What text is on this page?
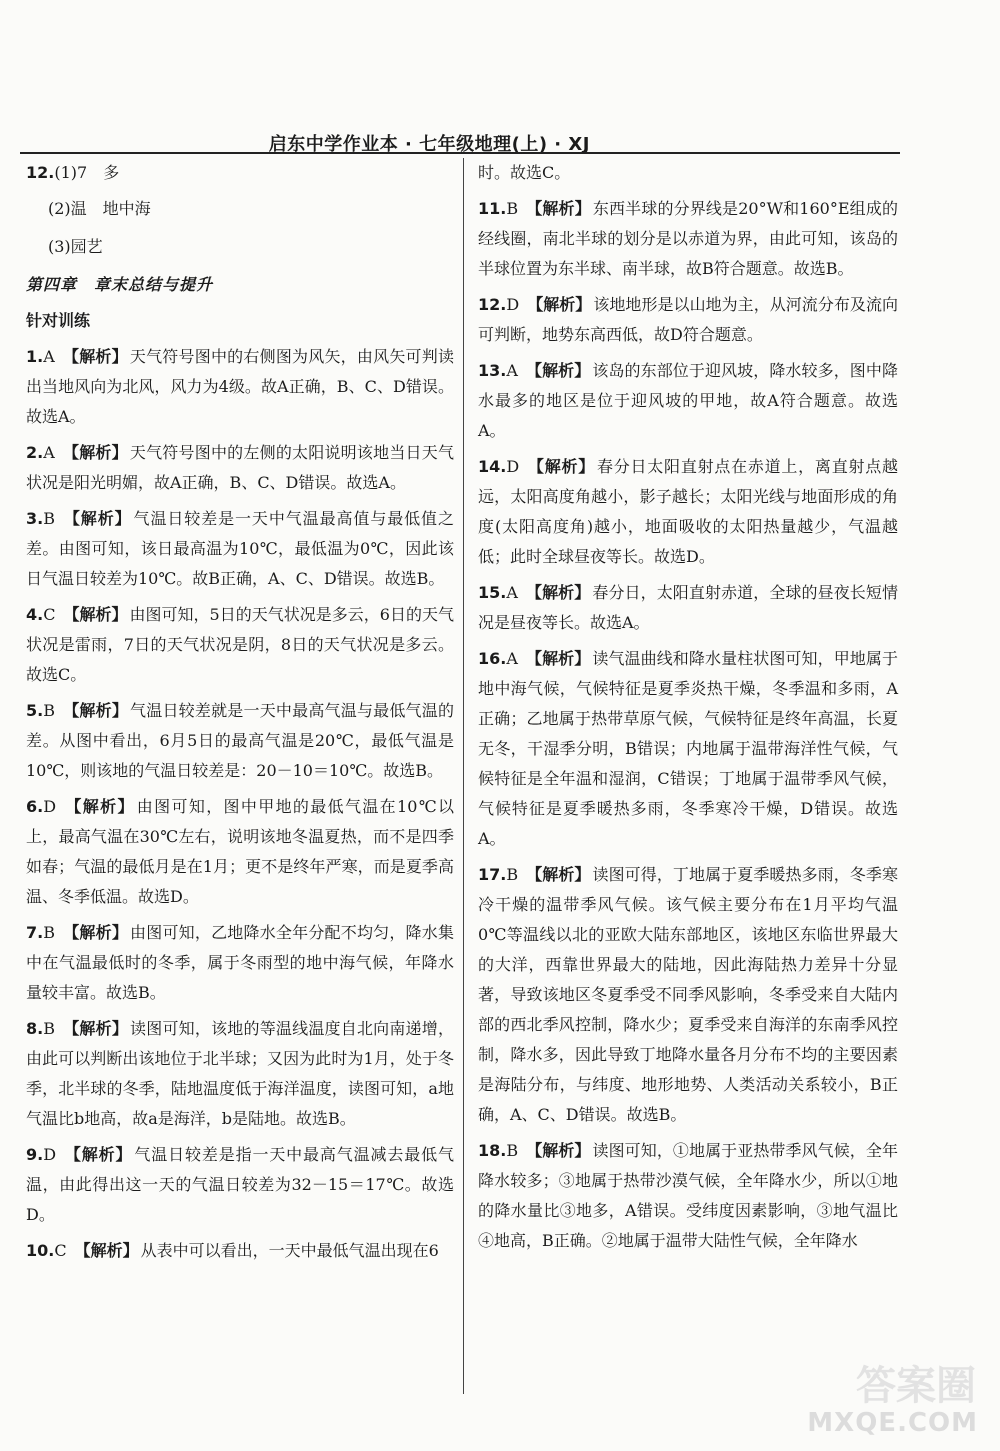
启东中学作业本 · 七年级地理(上) · XJ
12.(1)7　多
(2)温　地中海
(3)园艺
第四章　章末总结与提升
针对训练
1.A 【解析】 天气符号图中的右侧图为风矢，由风矢可判读出当地风向为北风，风力为4级。故A正确，B、C、D错误。故选A。
2.A 【解析】 天气符号图中的左侧的太阳说明该地当日天气状况是阳光明媚，故A正确，B、C、D错误。故选A。
3.B 【解析】 气温日较差是一天中气温最高值与最低值之差。由图可知，该日最高温为10℃，最低温为0℃，因此该日气温日较差为10℃。故B正确，A、C、D错误。故选B。
4.C 【解析】 由图可知，5日的天气状况是多云，6日的天气状况是雷雨，7日的天气状况是阴，8日的天气状况是多云。故选C。
5.B 【解析】 气温日较差就是一天中最高气温与最低气温的差。从图中看出，6月5日的最高气温是20℃，最低气温是10℃，则该地的气温日较差是：20－10＝10℃。故选B。
6.D 【解析】 由图可知，图中甲地的最低气温在10℃以上，最高气温在30℃左右，说明该地冬温夏热，而不是四季如春；气温的最低月是在1月；更不是终年严寒，而是夏季高温、冬季低温。故选D。
7.B 【解析】 由图可知，乙地降水全年分配不均匀，降水集中在气温最低时的冬季，属于冬雨型的地中海气候，年降水量较丰富。故选B。
8.B 【解析】 读图可知，该地的等温线温度自北向南递增，由此可以判断出该地位于北半球；又因为此时为1月，处于冬季，北半球的冬季，陆地温度低于海洋温度，读图可知，a地气温比b地高，故a是海洋，b是陆地。故选B。
9.D 【解析】 气温日较差是指一天中最高气温减去最低气温，由此得出这一天的气温日较差为32－15＝17℃。故选D。
10.C 【解析】 从表中可以看出，一天中最低气温出现在6
时。故选C。
11.B 【解析】 东西半球的分界线是20°W和160°E组成的经线圈，南北半球的划分是以赤道为界，由此可知，该岛的半球位置为东半球、南半球，故B符合题意。故选B。
12.D 【解析】 该地地形是以山地为主，从河流分布及流向可判断，地势东高西低，故D符合题意。
13.A 【解析】 该岛的东部位于迎风坡，降水较多，图中降水最多的地区是位于迎风坡的甲地，故A符合题意。故选A。
14.D 【解析】 春分日太阳直射点在赤道上，离直射点越远，太阳高度角越小，影子越长；太阳光线与地面形成的角度(太阳高度角)越小，地面吸收的太阳热量越少，气温越低；此时全球昼夜等长。故选D。
15.A 【解析】 春分日，太阳直射赤道，全球的昼夜长短情况是昼夜等长。故选A。
16.A 【解析】 读气温曲线和降水量柱状图可知，甲地属于地中海气候，气候特征是夏季炎热干燥，冬季温和多雨，A正确；乙地属于热带草原气候，气候特征是终年高温，长夏无冬，干湿季分明，B错误；内地属于温带海洋性气候，气候特征是全年温和湿润，C错误；丁地属于温带季风气候，气候特征是夏季暖热多雨，冬季寒冷干燥，D错误。故选A。
17.B 【解析】 读图可得，丁地属于夏季暖热多雨，冬季寒冷干燥的温带季风气候。该气候主要分布在1月平均气温0℃等温线以北的亚欧大陆东部地区，该地区东临世界最大的大洋，西靠世界最大的陆地，因此海陆热力差异十分显著，导致该地区冬夏季受不同季风影响，冬季受来自大陆内部的西北季风控制，降水少；夏季受来自海洋的东南季风控制，降水多，因此导致丁地降水量各月分布不均的主要因素是海陆分布，与纬度、地形地势、人类活动关系较小，B正确，A、C、D错误。故选B。
18.B 【解析】 读图可知，①地属于亚热带季风气候，全年降水较多；③地属于热带沙漠气候，全年降水少，所以①地的降水量比③地多，A错误。受纬度因素影响，③地气温比④地高，B正确。②地属于温带大陆性气候，全年降水
答案圈
MXQE.COM
